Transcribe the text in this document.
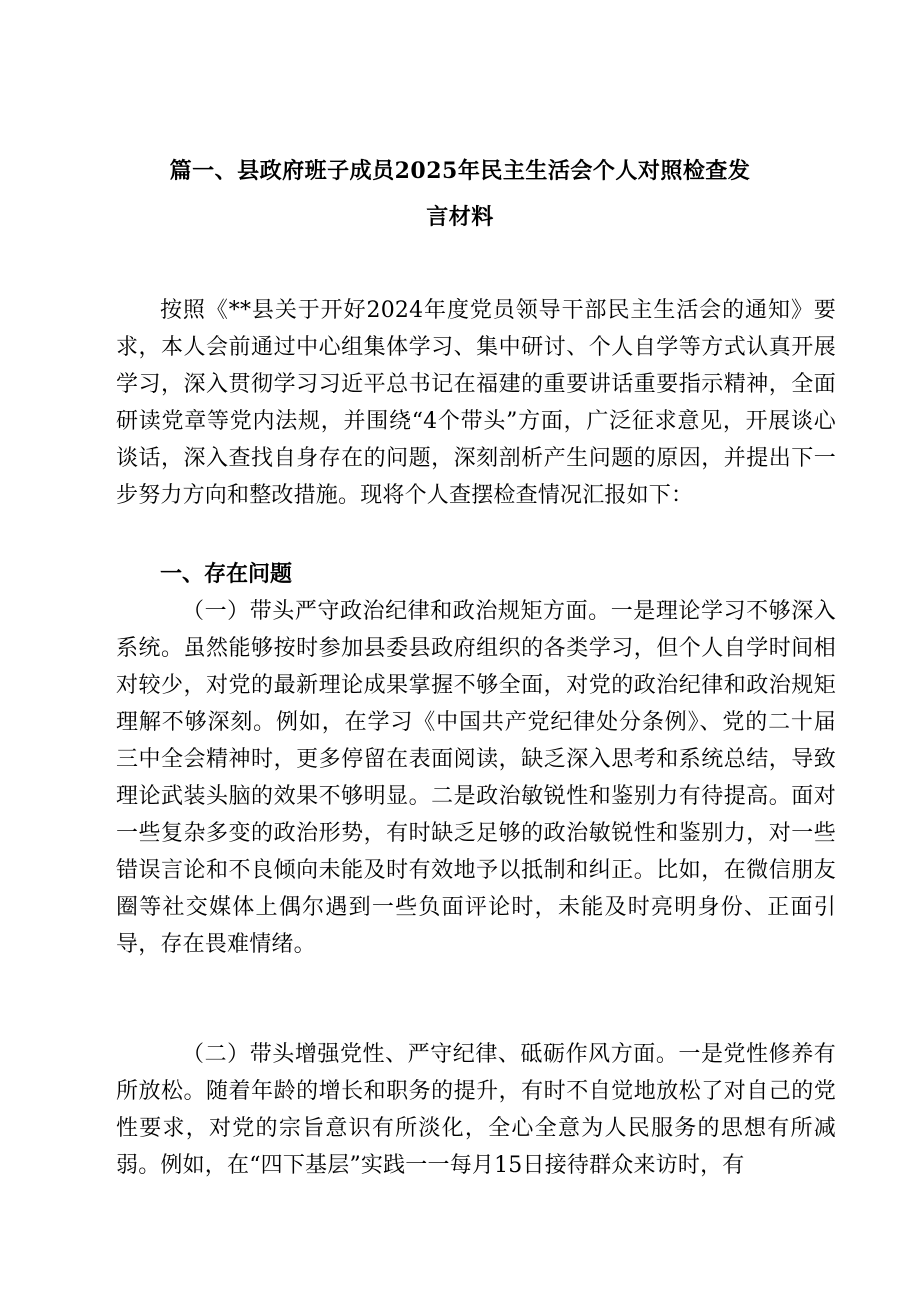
篇一、县政府班子成员2025年民主生活会个人对照检查发
言材料
按照《**县关于开好2024年度党员领导干部民主生活会的通知》要求，本人会前通过中心组集体学习、集中研讨、个人自学等方式认真开展学习，深入贯彻学习习近平总书记在福建的重要讲话重要指示精神，全面研读党章等党内法规，并围绕“4个带头”方面，广泛征求意见，开展谈心谈话，深入查找自身存在的问题，深刻剖析产生问题的原因，并提出下一步努力方向和整改措施。现将个人查摆检查情况汇报如下：
一、存在问题
（一）带头严守政治纪律和政治规矩方面。一是理论学习不够深入系统。虽然能够按时参加县委县政府组织的各类学习，但个人自学时间相对较少，对党的最新理论成果掌握不够全面，对党的政治纪律和政治规矩理解不够深刻。例如，在学习《中国共产党纪律处分条例》、党的二十届三中全会精神时，更多停留在表面阅读，缺乏深入思考和系统总结，导致理论武装头脑的效果不够明显。二是政治敏锐性和鉴别力有待提高。面对一些复杂多变的政治形势，有时缺乏足够的政治敏锐性和鉴别力，对一些错误言论和不良倾向未能及时有效地予以抵制和纠正。比如，在微信朋友圈等社交媒体上偶尔遇到一些负面评论时，未能及时亮明身份、正面引导，存在畏难情绪。
（二）带头增强党性、严守纪律、砥砺作风方面。一是党性修养有所放松。随着年龄的增长和职务的提升，有时不自觉地放松了对自己的党性要求，对党的宗旨意识有所淡化，全心全意为人民服务的思想有所减弱。例如，在“四下基层”实践一一每月15日接待群众来访时，有
